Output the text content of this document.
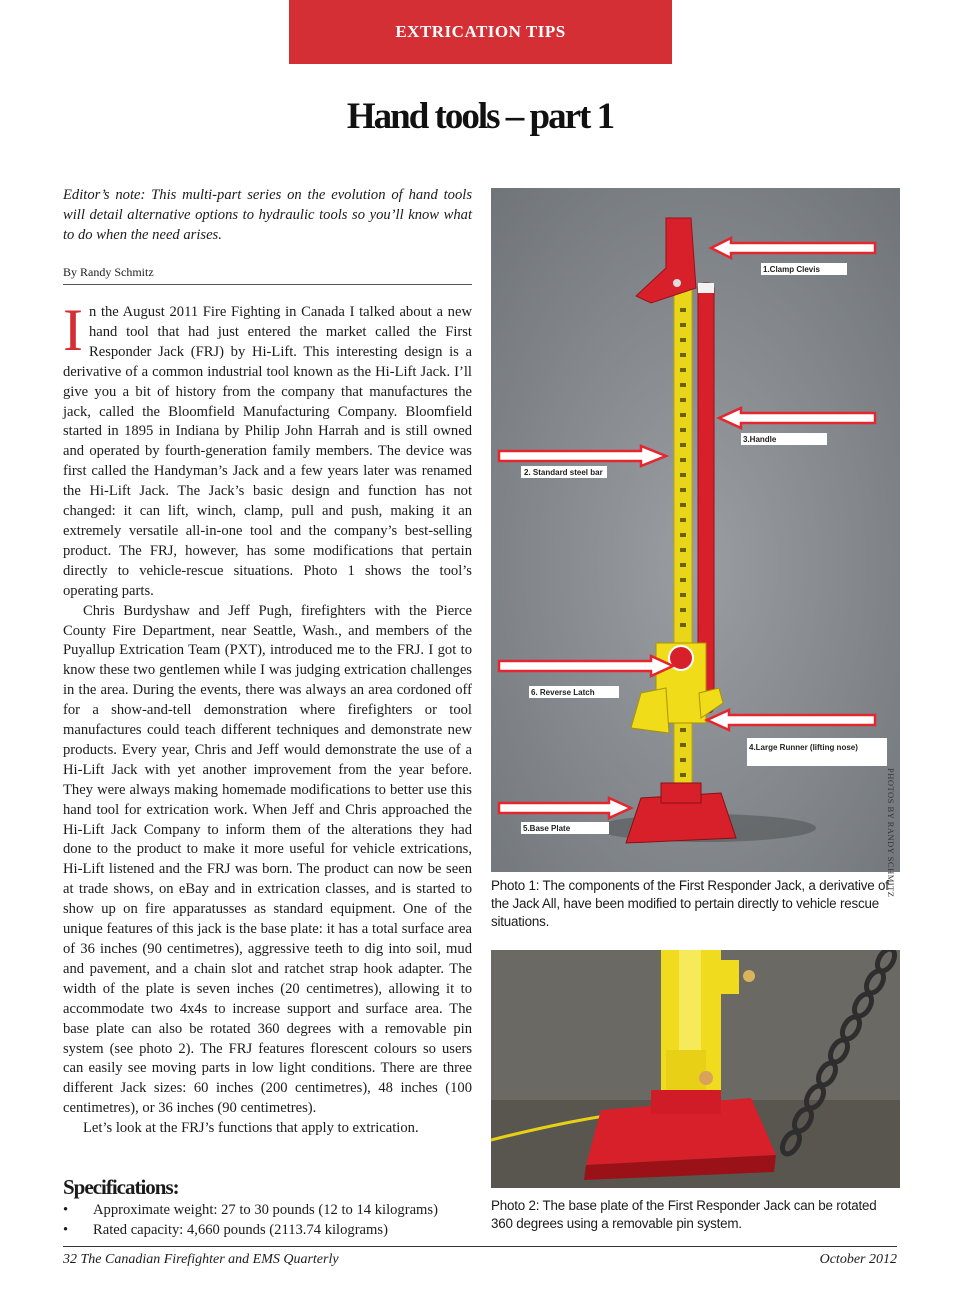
EXTRICATION TIPS
Hand tools – part 1

Editor’s note: This multi-part series on the evolution of hand tools will detail alternative options to hydraulic tools so you’ll know what to do when the need arises.

By Randy Schmitz

In the August 2011 Fire Fighting in Canada I talked about a new hand tool that had just entered the market called the First Responder Jack (FRJ) by Hi-Lift. This interesting design is a derivative of a common industrial tool known as the Hi-Lift Jack. I’ll give you a bit of history from the company that manufactures the jack, called the Bloomfield Manufacturing Company. Bloomfield started in 1895 in Indiana by Philip John Harrah and is still owned and operated by fourth-generation family members. The device was first called the Handyman’s Jack and a few years later was renamed the Hi-Lift Jack. The Jack’s basic design and function has not changed: it can lift, winch, clamp, pull and push, making it an extremely versatile all-in-one tool and the company’s best-selling product. The FRJ, however, has some modifications that pertain directly to vehicle-rescue situations. Photo 1 shows the tool’s operating parts.

Chris Burdyshaw and Jeff Pugh, firefighters with the Pierce County Fire Department, near Seattle, Wash., and members of the Puyallup Extrication Team (PXT), introduced me to the FRJ. I got to know these two gentlemen while I was judging extrication challenges in the area. During the events, there was always an area cordoned off for a show-and-tell demonstration where firefighters or tool manufactures could teach different techniques and demonstrate new products. Every year, Chris and Jeff would demonstrate the use of a Hi-Lift Jack with yet another improvement from the year before. They were always making homemade modifications to better use this hand tool for extrication work. When Jeff and Chris approached the Hi-Lift Jack Company to inform them of the alterations they had done to the product to make it more useful for vehicle extrications, Hi-Lift listened and the FRJ was born. The product can now be seen at trade shows, on eBay and in extrication classes, and is started to show up on fire apparatusses as standard equipment. One of the unique features of this jack is the base plate: it has a total surface area of 36 inches (90 centimetres), aggressive teeth to dig into soil, mud and pavement, and a chain slot and ratchet strap hook adapter. The width of the plate is seven inches (20 centimetres), allowing it to accommodate two 4x4s to increase support and surface area. The base plate can also be rotated 360 degrees with a removable pin system (see photo 2). The FRJ features florescent colours so users can easily see moving parts in low light conditions. There are three different Jack sizes: 60 inches (200 centimetres), 48 inches (100 centimetres), or 36 inches (90 centimetres).

Let’s look at the FRJ’s functions that apply to extrication.

Specifications:
• Approximate weight: 27 to 30 pounds (12 to 14 kilograms)
• Rated capacity: 4,660 pounds (2113.74 kilograms)
1.Clamp Clevis
2. Standard steel bar
3.Handle
6. Reverse Latch
4.Large Runner (lifting nose)
5.Base Plate	PHOTOS BY RANDY SCHMITZ
Photo 1: The components of the First Responder Jack, a derivative of the Jack All, have been modified to pertain directly to vehicle rescue situations.
Photo 2: The base plate of the First Responder Jack can be rotated 360 degrees using a removable pin system.
32 The Canadian Firefighter and EMS Quarterly	October 2012
